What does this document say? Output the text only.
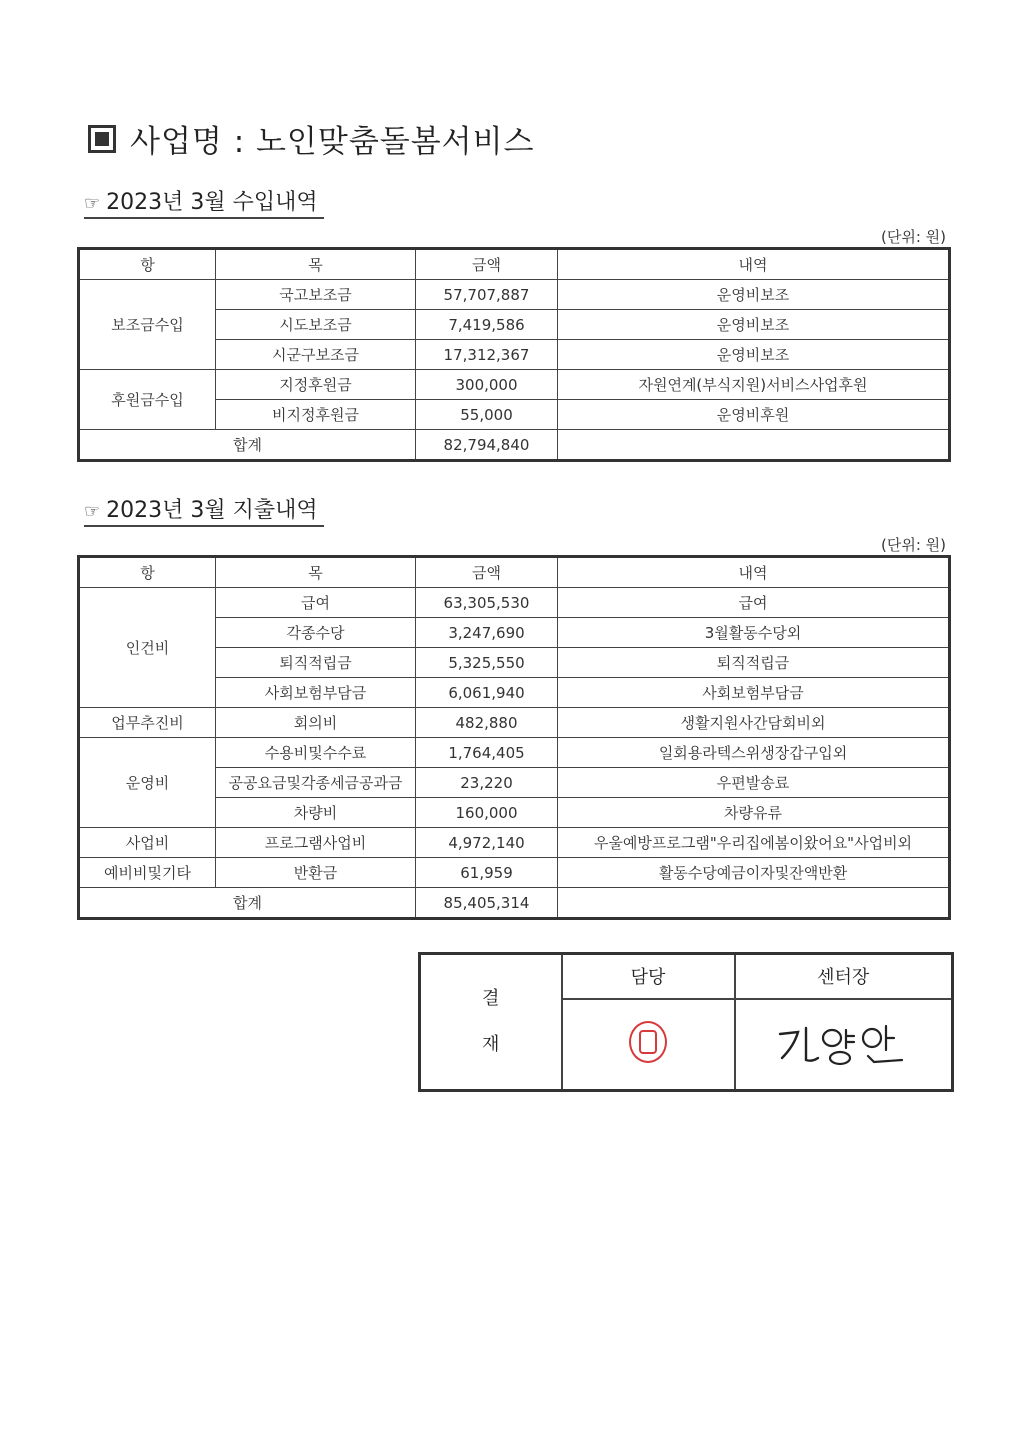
사업명 : 노인맞춤돌봄서비스
☞ 2023년 3월 수입내역
(단위: 원)
항	목	금액	내역
보조금수입	국고보조금	57,707,887	운영비보조
	시도보조금	7,419,586	운영비보조
	시군구보조금	17,312,367	운영비보조
후원금수입	지정후원금	300,000	자원연계(부식지원)서비스사업후원
	비지정후원금	55,000	운영비후원
합계		82,794,840	
☞ 2023년 3월 지출내역
(단위: 원)
항	목	금액	내역
인건비	급여	63,305,530	급여
	각종수당	3,247,690	3월활동수당외
	퇴직적립금	5,325,550	퇴직적립금
	사회보험부담금	6,061,940	사회보험부담금
업무추진비	회의비	482,880	생활지원사간담회비외
운영비	수용비및수수료	1,764,405	일회용라텍스위생장갑구입외
	공공요금및각종세금공과금	23,220	우편발송료
	차량비	160,000	차량유류
사업비	프로그램사업비	4,972,140	우울예방프로그램"우리집에봄이왔어요"사업비외
예비비및기타	반환금	61,959	활동수당예금이자및잔액반환
합계		85,405,314	
결
재	담당	센터장
